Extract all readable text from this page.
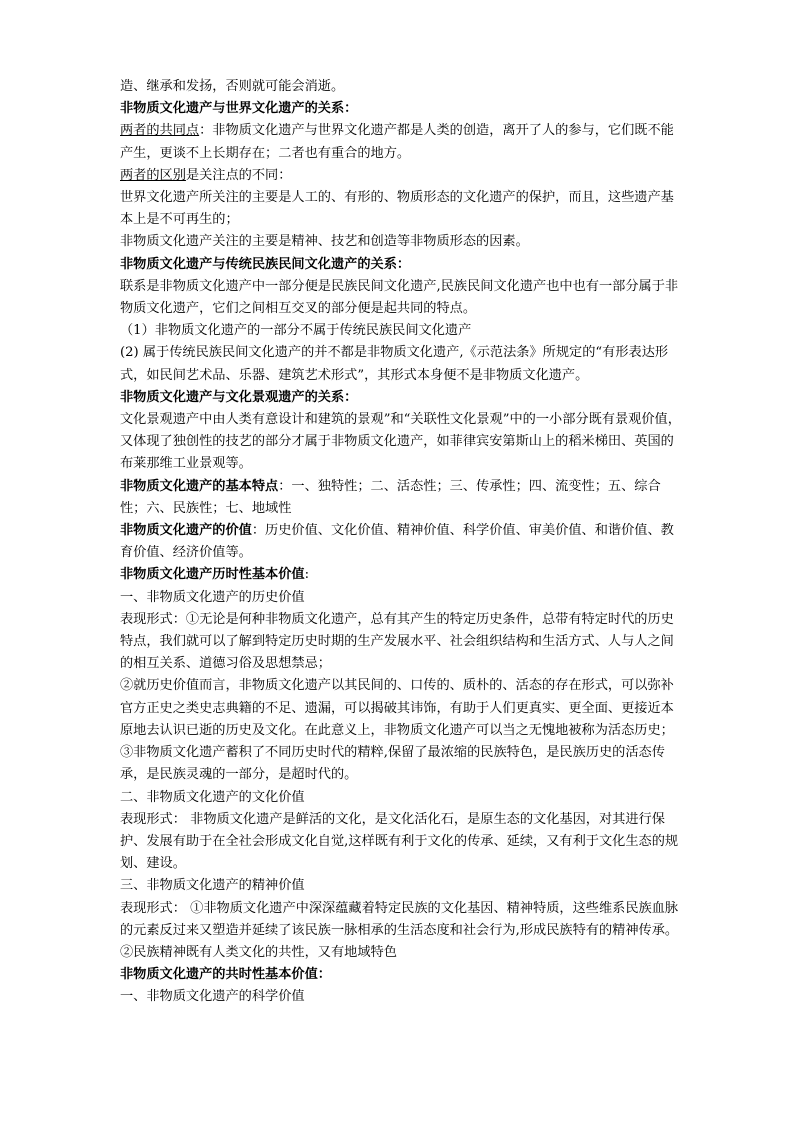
造、继承和发扬，否则就可能会消逝。

非物质文化遗产与世界文化遗产的关系：

两者的共同点：非物质文化遗产与世界文化遗产都是人类的创造，离开了人的参与，它们既不能产生，更谈不上长期存在；二者也有重合的地方。

两者的区别是关注点的不同：

世界文化遗产所关注的主要是人工的、有形的、物质形态的文化遗产的保护，而且，这些遗产基本上是不可再生的；

非物质文化遗产关注的主要是精神、技艺和创造等非物质形态的因素。

非物质文化遗产与传统民族民间文化遗产的关系：

联系是非物质文化遗产中一部分便是民族民间文化遗产,民族民间文化遗产也中也有一部分属于非物质文化遗产，它们之间相互交叉的部分便是起共同的特点。

（1）非物质文化遗产的一部分不属于传统民族民间文化遗产

(2) 属于传统民族民间文化遗产的并不都是非物质文化遗产,《示范法条》所规定的“有形表达形式，如民间艺术品、乐器、建筑艺术形式”，其形式本身便不是非物质文化遗产。

非物质文化遗产与文化景观遗产的关系：

文化景观遗产中由人类有意设计和建筑的景观”和“关联性文化景观”中的一小部分既有景观价值，又体现了独创性的技艺的部分才属于非物质文化遗产，如菲律宾安第斯山上的稻米梯田、英国的布莱那维工业景观等。

非物质文化遗产的基本特点：一、独特性；二、活态性；三、传承性；四、流变性；五、综合性；六、民族性；七、地域性

非物质文化遗产的价值：历史价值、文化价值、精神价值、科学价值、审美价值、和谐价值、教育价值、经济价值等。

非物质文化遗产历时性基本价值:

一、非物质文化遗产的历史价值

表现形式：①无论是何种非物质文化遗产，总有其产生的特定历史条件，总带有特定时代的历史特点，我们就可以了解到特定历史时期的生产发展水平、社会组织结构和生活方式、人与人之间的相互关系、道德习俗及思想禁忌；

②就历史价值而言，非物质文化遗产以其民间的、口传的、质朴的、活态的存在形式，可以弥补官方正史之类史志典籍的不足、遗漏，可以揭破其讳饰，有助于人们更真实、更全面、更接近本原地去认识已逝的历史及文化。在此意义上，非物质文化遗产可以当之无愧地被称为活态历史；

③非物质文化遗产蓄积了不同历史时代的精粹,保留了最浓缩的民族特色，是民族历史的活态传承，是民族灵魂的一部分，是超时代的。

二、非物质文化遗产的文化价值

表现形式： 非物质文化遗产是鲜活的文化，是文化活化石，是原生态的文化基因，对其进行保护、发展有助于在全社会形成文化自觉,这样既有利于文化的传承、延续，又有利于文化生态的规划、建设。

三、非物质文化遗产的精神价值

表现形式： ①非物质文化遗产中深深蕴藏着特定民族的文化基因、精神特质，这些维系民族血脉的元素反过来又塑造并延续了该民族一脉相承的生活态度和社会行为,形成民族特有的精神传承。

②民族精神既有人类文化的共性，又有地域特色

非物质文化遗产的共时性基本价值：

一、非物质文化遗产的科学价值
